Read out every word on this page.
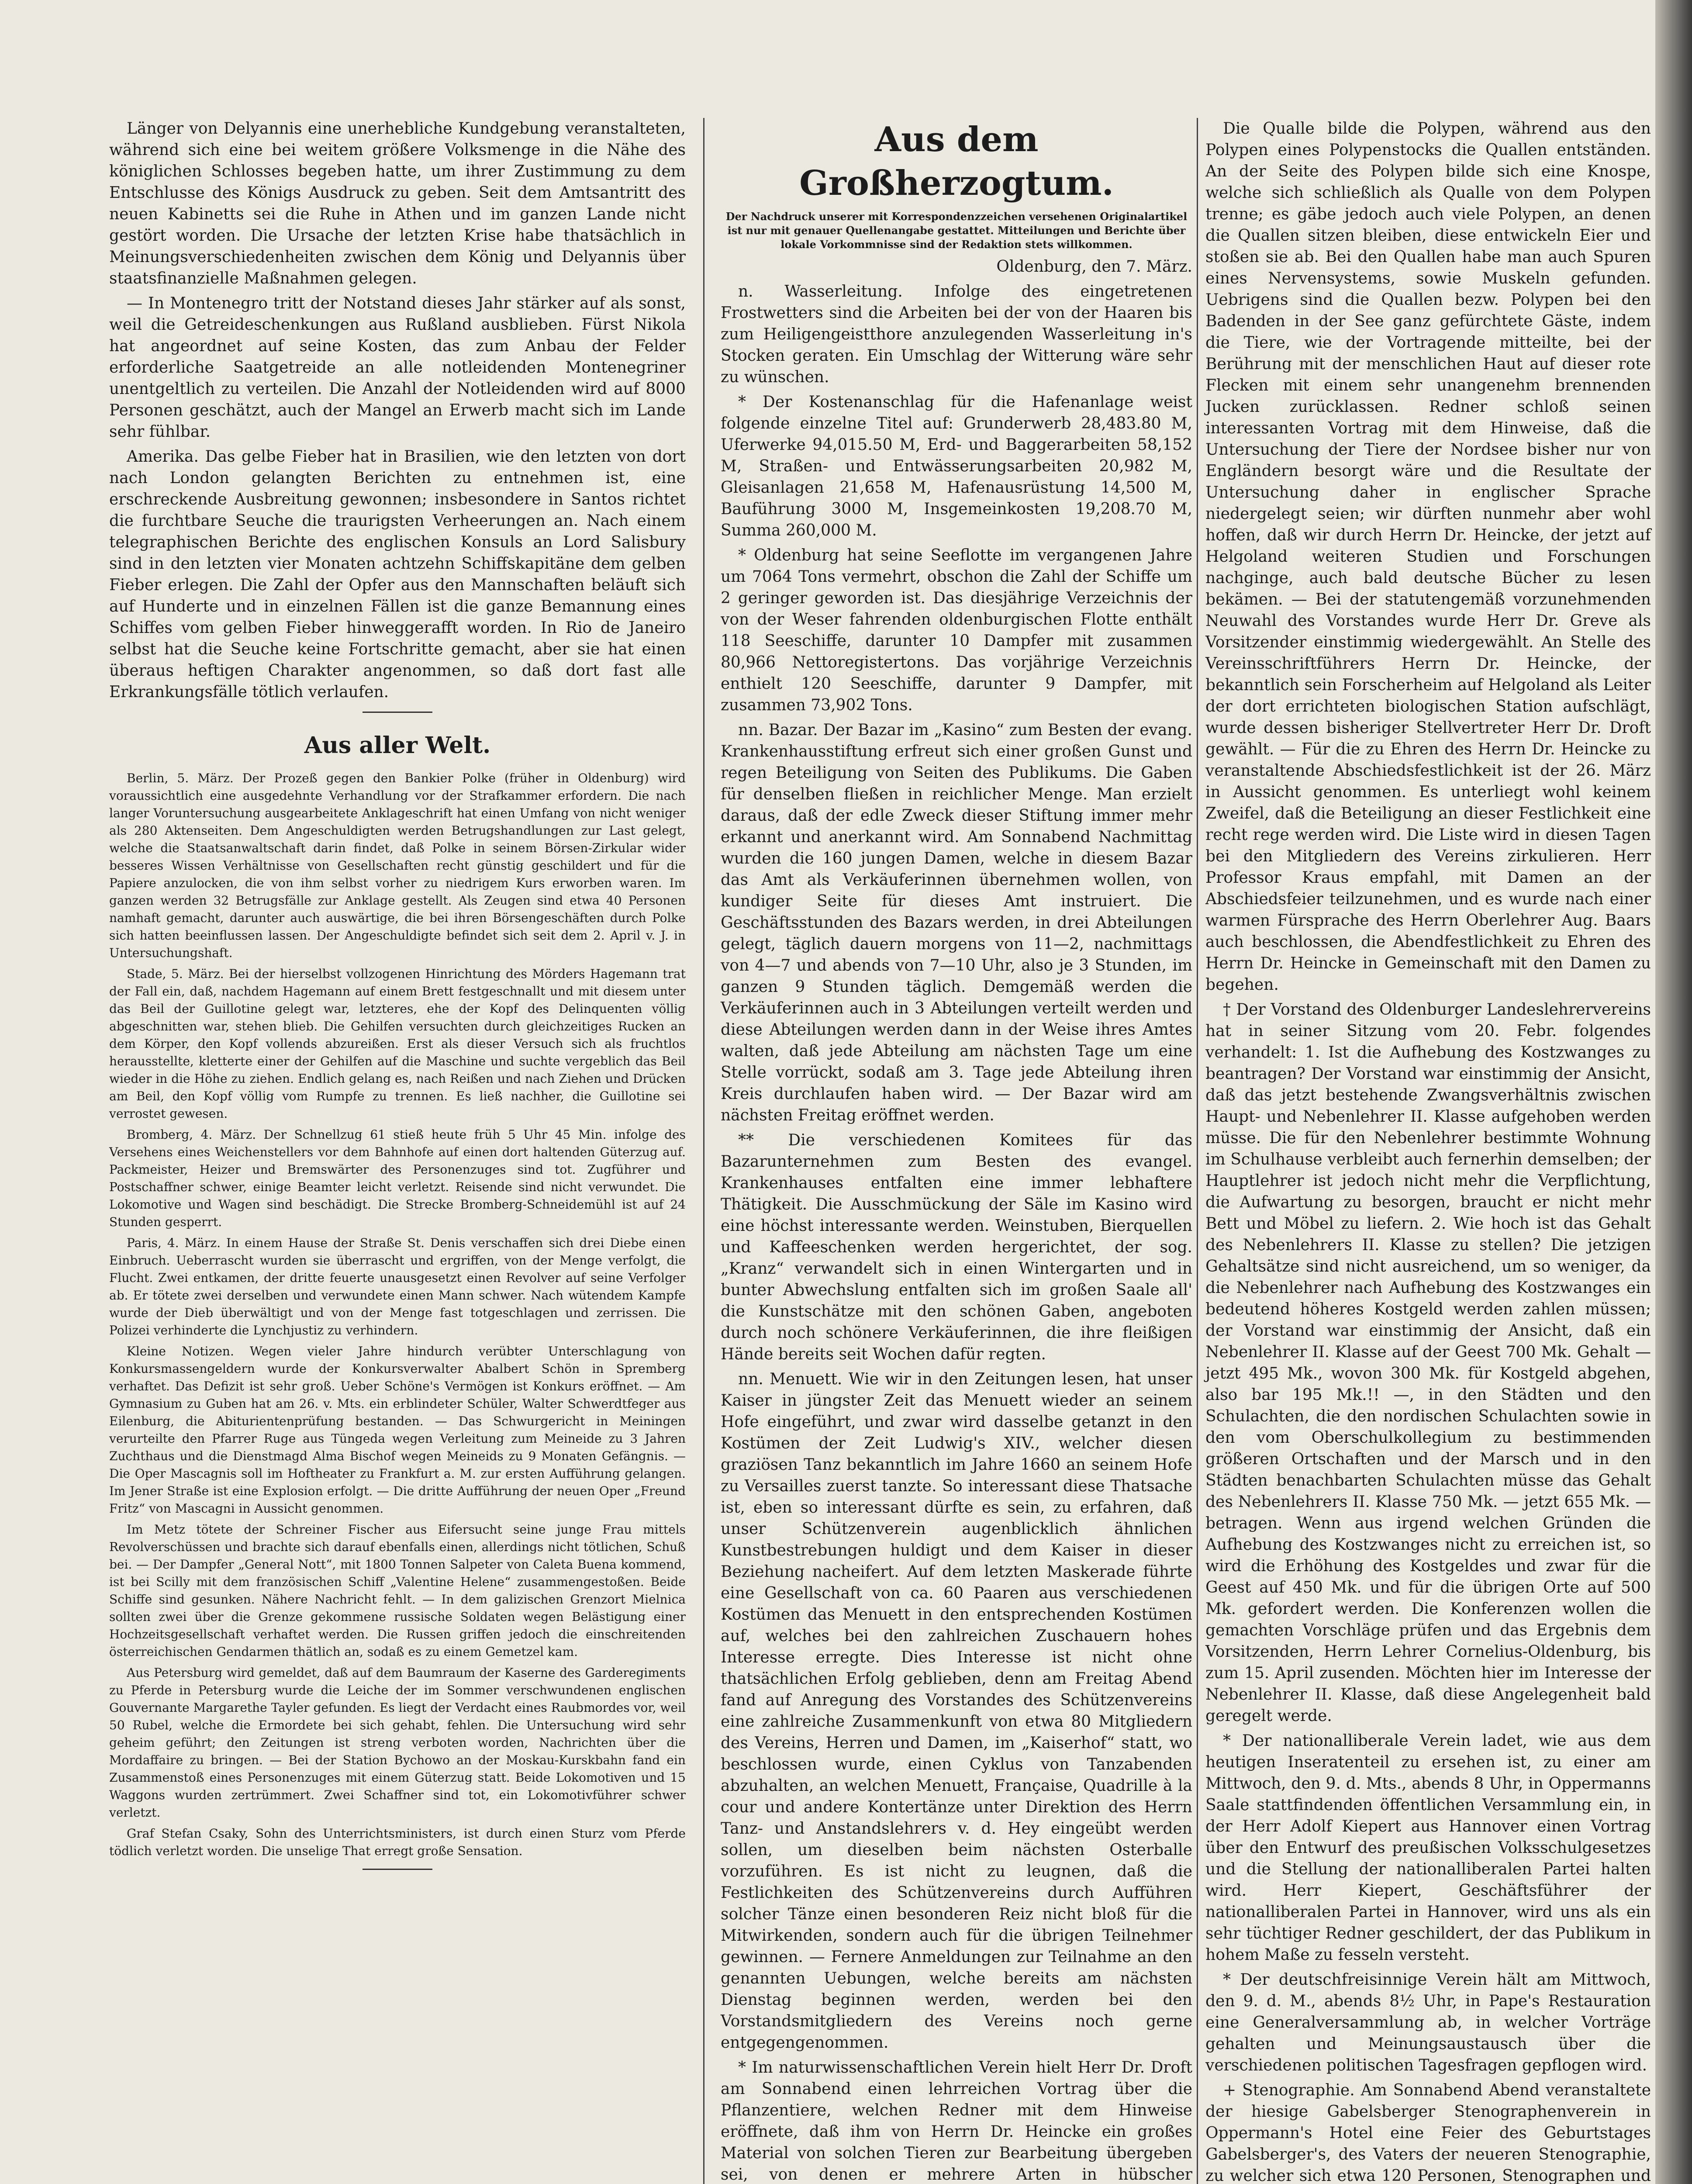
Länger von Delyannis eine unerhebliche Kundgebung veranstalteten, während sich eine bei weitem größere Volksmenge in die Nähe des königlichen Schlosses begeben hatte, um ihrer Zustimmung zu dem Entschlusse des Königs Ausdruck zu geben. Seit dem Amtsantritt des neuen Kabinetts sei die Ruhe in Athen und im ganzen Lande nicht gestört worden. Die Ursache der letzten Krise habe thatsächlich in Meinungsverschiedenheiten zwischen dem König und Delyannis über staatsfinanzielle Maßnahmen gelegen.

— In Montenegro tritt der Notstand dieses Jahr stärker auf als sonst, weil die Getreideschenkungen aus Rußland ausblieben. Fürst Nikola hat angeordnet auf seine Kosten, das zum Anbau der Felder erforderliche Saatgetreide an alle notleidenden Montenegriner unentgeltlich zu verteilen. Die Anzahl der Notleidenden wird auf 8000 Personen geschätzt, auch der Mangel an Erwerb macht sich im Lande sehr fühlbar.

Amerika. Das gelbe Fieber hat in Brasilien, wie den letzten von dort nach London gelangten Berichten zu entnehmen ist, eine erschreckende Ausbreitung gewonnen; insbesondere in Santos richtet die furchtbare Seuche die traurigsten Verheerungen an. Nach einem telegraphischen Berichte des englischen Konsuls an Lord Salisbury sind in den letzten vier Monaten achtzehn Schiffskapitäne dem gelben Fieber erlegen. Die Zahl der Opfer aus den Mannschaften beläuft sich auf Hunderte und in einzelnen Fällen ist die ganze Bemannung eines Schiffes vom gelben Fieber hinweggerafft worden. In Rio de Janeiro selbst hat die Seuche keine Fortschritte gemacht, aber sie hat einen überaus heftigen Charakter angenommen, so daß dort fast alle Erkrankungsfälle tötlich verlaufen.

Aus aller Welt.

Berlin, 5. März. Der Prozeß gegen den Bankier Polke (früher in Oldenburg) wird voraussichtlich eine ausgedehnte Verhandlung vor der Strafkammer erfordern. Die nach langer Voruntersuchung ausgearbeitete Anklageschrift hat einen Umfang von nicht weniger als 280 Aktenseiten. Dem Angeschuldigten werden Betrugshandlungen zur Last gelegt, welche die Staatsanwaltschaft darin findet, daß Polke in seinem Börsen-Zirkular wider besseres Wissen Verhältnisse von Gesellschaften recht günstig geschildert und für die Papiere anzulocken, die von ihm selbst vorher zu niedrigem Kurs erworben waren. Im ganzen werden 32 Betrugsfälle zur Anklage gestellt. Als Zeugen sind etwa 40 Personen namhaft gemacht, darunter auch auswärtige, die bei ihren Börsengeschäften durch Polke sich hatten beeinflussen lassen. Der Angeschuldigte befindet sich seit dem 2. April v. J. in Untersuchungshaft.

Stade, 5. März. Bei der hierselbst vollzogenen Hinrichtung des Mörders Hagemann trat der Fall ein, daß, nachdem Hagemann auf einem Brett festgeschnallt und mit diesem unter das Beil der Guillotine gelegt war, letzteres, ehe der Kopf des Delinquenten völlig abgeschnitten war, stehen blieb. Die Gehilfen versuchten durch gleichzeitiges Rucken an dem Körper, den Kopf vollends abzureißen. Erst als dieser Versuch sich als fruchtlos herausstellte, kletterte einer der Gehilfen auf die Maschine und suchte vergeblich das Beil wieder in die Höhe zu ziehen. Endlich gelang es, nach Reißen und nach Ziehen und Drücken am Beil, den Kopf völlig vom Rumpfe zu trennen. Es ließ nachher, die Guillotine sei verrostet gewesen.

Bromberg, 4. März. Der Schnellzug 61 stieß heute früh 5 Uhr 45 Min. infolge des Versehens eines Weichenstellers vor dem Bahnhofe auf einen dort haltenden Güterzug auf. Packmeister, Heizer und Bremswärter des Personenzuges sind tot. Zugführer und Postschaffner schwer, einige Beamter leicht verletzt. Reisende sind nicht verwundet. Die Lokomotive und Wagen sind beschädigt. Die Strecke Bromberg-Schneidemühl ist auf 24 Stunden gesperrt.

Paris, 4. März. In einem Hause der Straße St. Denis verschaffen sich drei Diebe einen Einbruch. Ueberrascht wurden sie überrascht und ergriffen, von der Menge verfolgt, die Flucht. Zwei entkamen, der dritte feuerte unausgesetzt einen Revolver auf seine Verfolger ab. Er tötete zwei derselben und verwundete einen Mann schwer. Nach wütendem Kampfe wurde der Dieb überwältigt und von der Menge fast totgeschlagen und zerrissen. Die Polizei verhinderte die Lynchjustiz zu verhindern.

Kleine Notizen. Wegen vieler Jahre hindurch verübter Unterschlagung von Konkursmassengeldern wurde der Konkursverwalter Abalbert Schön in Spremberg verhaftet. Das Defizit ist sehr groß. Ueber Schöne's Vermögen ist Konkurs eröffnet. — Am Gymnasium zu Guben hat am 26. v. Mts. ein erblindeter Schüler, Walter Schwerdtfeger aus Eilenburg, die Abiturientenprüfung bestanden. — Das Schwurgericht in Meiningen verurteilte den Pfarrer Ruge aus Tüngeda wegen Verleitung zum Meineide zu 3 Jahren Zuchthaus und die Dienstmagd Alma Bischof wegen Meineids zu 9 Monaten Gefängnis. — Die Oper Mascagnis soll im Hoftheater zu Frankfurt a. M. zur ersten Aufführung gelangen. Im Jener Straße ist eine Explosion erfolgt. — Die dritte Aufführung der neuen Oper „Freund Fritz“ von Mascagni in Aussicht genommen.

Im Metz tötete der Schreiner Fischer aus Eifersucht seine junge Frau mittels Revolverschüssen und brachte sich darauf ebenfalls einen, allerdings nicht tötlichen, Schuß bei. — Der Dampfer „General Nott“, mit 1800 Tonnen Salpeter von Caleta Buena kommend, ist bei Scilly mit dem französischen Schiff „Valentine Helene“ zusammengestoßen. Beide Schiffe sind gesunken. Nähere Nachricht fehlt. — In dem galizischen Grenzort Mielnica sollten zwei über die Grenze gekommene russische Soldaten wegen Belästigung einer Hochzeitsgesellschaft verhaftet werden. Die Russen griffen jedoch die einschreitenden österreichischen Gendarmen thätlich an, sodaß es zu einem Gemetzel kam.

Aus Petersburg wird gemeldet, daß auf dem Baumraum der Kaserne des Garderegiments zu Pferde in Petersburg wurde die Leiche der im Sommer verschwundenen englischen Gouvernante Margarethe Tayler gefunden. Es liegt der Verdacht eines Raubmordes vor, weil 50 Rubel, welche die Ermordete bei sich gehabt, fehlen. Die Untersuchung wird sehr geheim geführt; den Zeitungen ist streng verboten worden, Nachrichten über die Mordaffaire zu bringen. — Bei der Station Bychowo an der Moskau-Kurskbahn fand ein Zusammenstoß eines Personenzuges mit einem Güterzug statt. Beide Lokomotiven und 15 Waggons wurden zertrümmert. Zwei Schaffner sind tot, ein Lokomotivführer schwer verletzt.

Graf Stefan Csaky, Sohn des Unterrichtsministers, ist durch einen Sturz vom Pferde tödlich verletzt worden. Die unselige That erregt große Sensation.

Aus dem Großherzogtum.
Der Nachdruck unserer mit Korrespondenzzeichen versehenen Originalartikel ist nur mit genauer Quellenangabe gestattet. Mitteilungen und Berichte über lokale Vorkommnisse sind der Redaktion stets willkommen.
Oldenburg, den 7. März.

n. Wasserleitung. Infolge des eingetretenen Frostwetters sind die Arbeiten bei der von der Haaren bis zum Heiligengeistthore anzulegenden Wasserleitung in's Stocken geraten. Ein Umschlag der Witterung wäre sehr zu wünschen.

* Der Kostenanschlag für die Hafenanlage weist folgende einzelne Titel auf: Grunderwerb 28,483.80 M, Uferwerke 94,015.50 M, Erd- und Baggerarbeiten 58,152 M, Straßen- und Entwässerungsarbeiten 20,982 M, Gleisanlagen 21,658 M, Hafenausrüstung 14,500 M, Bauführung 3000 M, Insgemeinkosten 19,208.70 M, Summa 260,000 M.

* Oldenburg hat seine Seeflotte im vergangenen Jahre um 7064 Tons vermehrt, obschon die Zahl der Schiffe um 2 geringer geworden ist. Das diesjährige Verzeichnis der von der Weser fahrenden oldenburgischen Flotte enthält 118 Seeschiffe, darunter 10 Dampfer mit zusammen 80,966 Nettoregistertons. Das vorjährige Verzeichnis enthielt 120 Seeschiffe, darunter 9 Dampfer, mit zusammen 73,902 Tons.

nn. Bazar. Der Bazar im „Kasino“ zum Besten der evang. Krankenhausstiftung erfreut sich einer großen Gunst und regen Beteiligung von Seiten des Publikums. Die Gaben für denselben fließen in reichlicher Menge. Man erzielt daraus, daß der edle Zweck dieser Stiftung immer mehr erkannt und anerkannt wird. Am Sonnabend Nachmittag wurden die 160 jungen Damen, welche in diesem Bazar das Amt als Verkäuferinnen übernehmen wollen, von kundiger Seite für dieses Amt instruiert. Die Geschäftsstunden des Bazars werden, in drei Abteilungen gelegt, täglich dauern morgens von 11—2, nachmittags von 4—7 und abends von 7—10 Uhr, also je 3 Stunden, im ganzen 9 Stunden täglich. Demgemäß werden die Verkäuferinnen auch in 3 Abteilungen verteilt werden und diese Abteilungen werden dann in der Weise ihres Amtes walten, daß jede Abteilung am nächsten Tage um eine Stelle vorrückt, sodaß am 3. Tage jede Abteilung ihren Kreis durchlaufen haben wird. — Der Bazar wird am nächsten Freitag eröffnet werden.

** Die verschiedenen Komitees für das Bazarunternehmen zum Besten des evangel. Krankenhauses entfalten eine immer lebhaftere Thätigkeit. Die Ausschmückung der Säle im Kasino wird eine höchst interessante werden. Weinstuben, Bierquellen und Kaffeeschenken werden hergerichtet, der sog. „Kranz“ verwandelt sich in einen Wintergarten und in bunter Abwechslung entfalten sich im großen Saale all' die Kunstschätze mit den schönen Gaben, angeboten durch noch schönere Verkäuferinnen, die ihre fleißigen Hände bereits seit Wochen dafür regten.

nn. Menuett. Wie wir in den Zeitungen lesen, hat unser Kaiser in jüngster Zeit das Menuett wieder an seinem Hofe eingeführt, und zwar wird dasselbe getanzt in den Kostümen der Zeit Ludwig's XIV., welcher diesen graziösen Tanz bekanntlich im Jahre 1660 an seinem Hofe zu Versailles zuerst tanzte. So interessant diese Thatsache ist, eben so interessant dürfte es sein, zu erfahren, daß unser Schützenverein augenblicklich ähnlichen Kunstbestrebungen huldigt und dem Kaiser in dieser Beziehung nacheifert. Auf dem letzten Maskerade führte eine Gesellschaft von ca. 60 Paaren aus verschiedenen Kostümen das Menuett in den entsprechenden Kostümen auf, welches bei den zahlreichen Zuschauern hohes Interesse erregte. Dies Interesse ist nicht ohne thatsächlichen Erfolg geblieben, denn am Freitag Abend fand auf Anregung des Vorstandes des Schützenvereins eine zahlreiche Zusammenkunft von etwa 80 Mitgliedern des Vereins, Herren und Damen, im „Kaiserhof“ statt, wo beschlossen wurde, einen Cyklus von Tanzabenden abzuhalten, an welchen Menuett, Française, Quadrille à la cour und andere Kontertänze unter Direktion des Herrn Tanz- und Anstandslehrers v. d. Hey eingeübt werden sollen, um dieselben beim nächsten Osterballe vorzuführen. Es ist nicht zu leugnen, daß die Festlichkeiten des Schützenvereins durch Aufführen solcher Tänze einen besonderen Reiz nicht bloß für die Mitwirkenden, sondern auch für die übrigen Teilnehmer gewinnen. — Fernere Anmeldungen zur Teilnahme an den genannten Uebungen, welche bereits am nächsten Dienstag beginnen werden, werden bei den Vorstandsmitgliedern des Vereins noch gerne entgegengenommen.

* Im naturwissenschaftlichen Verein hielt Herr Dr. Droft am Sonnabend einen lehrreichen Vortrag über die Pflanzentiere, welchen Redner mit dem Hinweise eröffnete, daß ihm von Herrn Dr. Heincke ein großes Material von solchen Tieren zur Bearbeitung übergeben sei, von denen er mehrere Arten in hübscher

Die Qualle bilde die Polypen, während aus den Polypen eines Polypenstocks die Quallen entständen. An der Seite des Polypen bilde sich eine Knospe, welche sich schließlich als Qualle von dem Polypen trenne; es gäbe jedoch auch viele Polypen, an denen die Quallen sitzen bleiben, diese entwickeln Eier und stoßen sie ab. Bei den Quallen habe man auch Spuren eines Nervensystems, sowie Muskeln gefunden. Uebrigens sind die Quallen bezw. Polypen bei den Badenden in der See ganz gefürchtete Gäste, indem die Tiere, wie der Vortragende mitteilte, bei der Berührung mit der menschlichen Haut auf dieser rote Flecken mit einem sehr unangenehm brennenden Jucken zurücklassen. Redner schloß seinen interessanten Vortrag mit dem Hinweise, daß die Untersuchung der Tiere der Nordsee bisher nur von Engländern besorgt wäre und die Resultate der Untersuchung daher in englischer Sprache niedergelegt seien; wir dürften nunmehr aber wohl hoffen, daß wir durch Herrn Dr. Heincke, der jetzt auf Helgoland weiteren Studien und Forschungen nachginge, auch bald deutsche Bücher zu lesen bekämen. — Bei der statutengemäß vorzunehmenden Neuwahl des Vorstandes wurde Herr Dr. Greve als Vorsitzender einstimmig wiedergewählt. An Stelle des Vereinsschriftführers Herrn Dr. Heincke, der bekanntlich sein Forscherheim auf Helgoland als Leiter der dort errichteten biologischen Station aufschlägt, wurde dessen bisheriger Stellvertreter Herr Dr. Droft gewählt. — Für die zu Ehren des Herrn Dr. Heincke zu veranstaltende Abschiedsfestlichkeit ist der 26. März in Aussicht genommen. Es unterliegt wohl keinem Zweifel, daß die Beteiligung an dieser Festlichkeit eine recht rege werden wird. Die Liste wird in diesen Tagen bei den Mitgliedern des Vereins zirkulieren. Herr Professor Kraus empfahl, mit Damen an der Abschiedsfeier teilzunehmen, und es wurde nach einer warmen Fürsprache des Herrn Oberlehrer Aug. Baars auch beschlossen, die Abendfestlichkeit zu Ehren des Herrn Dr. Heincke in Gemeinschaft mit den Damen zu begehen.

† Der Vorstand des Oldenburger Landeslehrervereins hat in seiner Sitzung vom 20. Febr. folgendes verhandelt: 1. Ist die Aufhebung des Kostzwanges zu beantragen? Der Vorstand war einstimmig der Ansicht, daß das jetzt bestehende Zwangsverhältnis zwischen Haupt- und Nebenlehrer II. Klasse aufgehoben werden müsse. Die für den Nebenlehrer bestimmte Wohnung im Schulhause verbleibt auch fernerhin demselben; der Hauptlehrer ist jedoch nicht mehr die Verpflichtung, die Aufwartung zu besorgen, braucht er nicht mehr Bett und Möbel zu liefern. 2. Wie hoch ist das Gehalt des Nebenlehrers II. Klasse zu stellen? Die jetzigen Gehaltsätze sind nicht ausreichend, um so weniger, da die Nebenlehrer nach Aufhebung des Kostzwanges ein bedeutend höheres Kostgeld werden zahlen müssen; der Vorstand war einstimmig der Ansicht, daß ein Nebenlehrer II. Klasse auf der Geest 700 Mk. Gehalt — jetzt 495 Mk., wovon 300 Mk. für Kostgeld abgehen, also bar 195 Mk.!! —, in den Städten und den Schulachten, die den nordischen Schulachten sowie in den vom Oberschulkollegium zu bestimmenden größeren Ortschaften und der Marsch und in den Städten benachbarten Schulachten müsse das Gehalt des Nebenlehrers II. Klasse 750 Mk. — jetzt 655 Mk. — betragen. Wenn aus irgend welchen Gründen die Aufhebung des Kostzwanges nicht zu erreichen ist, so wird die Erhöhung des Kostgeldes und zwar für die Geest auf 450 Mk. und für die übrigen Orte auf 500 Mk. gefordert werden. Die Konferenzen wollen die gemachten Vorschläge prüfen und das Ergebnis dem Vorsitzenden, Herrn Lehrer Cornelius-Oldenburg, bis zum 15. April zusenden. Möchten hier im Interesse der Nebenlehrer II. Klasse, daß diese Angelegenheit bald geregelt werde.

* Der nationalliberale Verein ladet, wie aus dem heutigen Inseratenteil zu ersehen ist, zu einer am Mittwoch, den 9. d. Mts., abends 8 Uhr, in Oppermanns Saale stattfindenden öffentlichen Versammlung ein, in der Herr Adolf Kiepert aus Hannover einen Vortrag über den Entwurf des preußischen Volksschulgesetzes und die Stellung der nationalliberalen Partei halten wird. Herr Kiepert, Geschäftsführer der nationalliberalen Partei in Hannover, wird uns als ein sehr tüchtiger Redner geschildert, der das Publikum in hohem Maße zu fesseln versteht.

* Der deutschfreisinnige Verein hält am Mittwoch, den 9. d. M., abends 8½ Uhr, in Pape's Restauration eine Generalversammlung ab, in welcher Vorträge gehalten und Meinungsaustausch über die verschiedenen politischen Tagesfragen gepflogen wird.

+ Stenographie. Am Sonnabend Abend veranstaltete der hiesige Gabelsberger Stenographenverein in Oppermann's Hotel eine Feier des Geburtstages Gabelsberger's, des Vaters der neueren Stenographie, zu welcher sich etwa 120 Personen, Stenographen und
